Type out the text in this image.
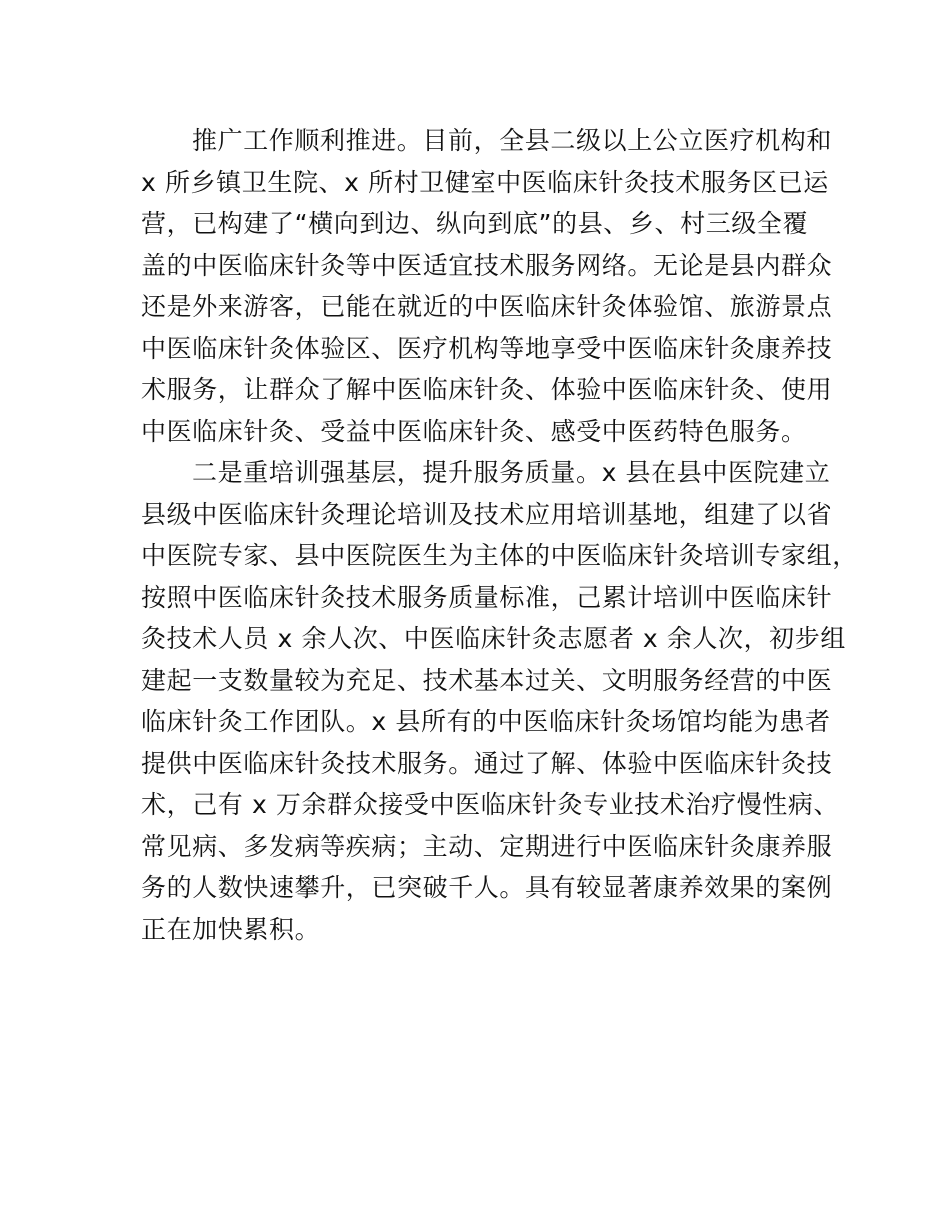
推广工作顺利推进。目前，全县二级以上公立医疗机构和
x 所乡镇卫生院、x 所村卫健室中医临床针灸技术服务区已运
营，已构建了“横向到边、纵向到底”的县、乡、村三级全覆
盖的中医临床针灸等中医适宜技术服务网络。无论是县内群众
还是外来游客，已能在就近的中医临床针灸体验馆、旅游景点
中医临床针灸体验区、医疗机构等地享受中医临床针灸康养技
术服务，让群众了解中医临床针灸、体验中医临床针灸、使用
中医临床针灸、受益中医临床针灸、感受中医药特色服务。
二是重培训强基层，提升服务质量。x 县在县中医院建立
县级中医临床针灸理论培训及技术应用培训基地，组建了以省
中医院专家、县中医院医生为主体的中医临床针灸培训专家组，
按照中医临床针灸技术服务质量标准，己累计培训中医临床针
灸技术人员 x 余人次、中医临床针灸志愿者 x 余人次，初步组
建起一支数量较为充足、技术基本过关、文明服务经营的中医
临床针灸工作团队。x 县所有的中医临床针灸场馆均能为患者
提供中医临床针灸技术服务。通过了解、体验中医临床针灸技
术，己有 x 万余群众接受中医临床针灸专业技术治疗慢性病、
常见病、多发病等疾病；主动、定期进行中医临床针灸康养服
务的人数快速攀升，已突破千人。具有较显著康养效果的案例
正在加快累积。
